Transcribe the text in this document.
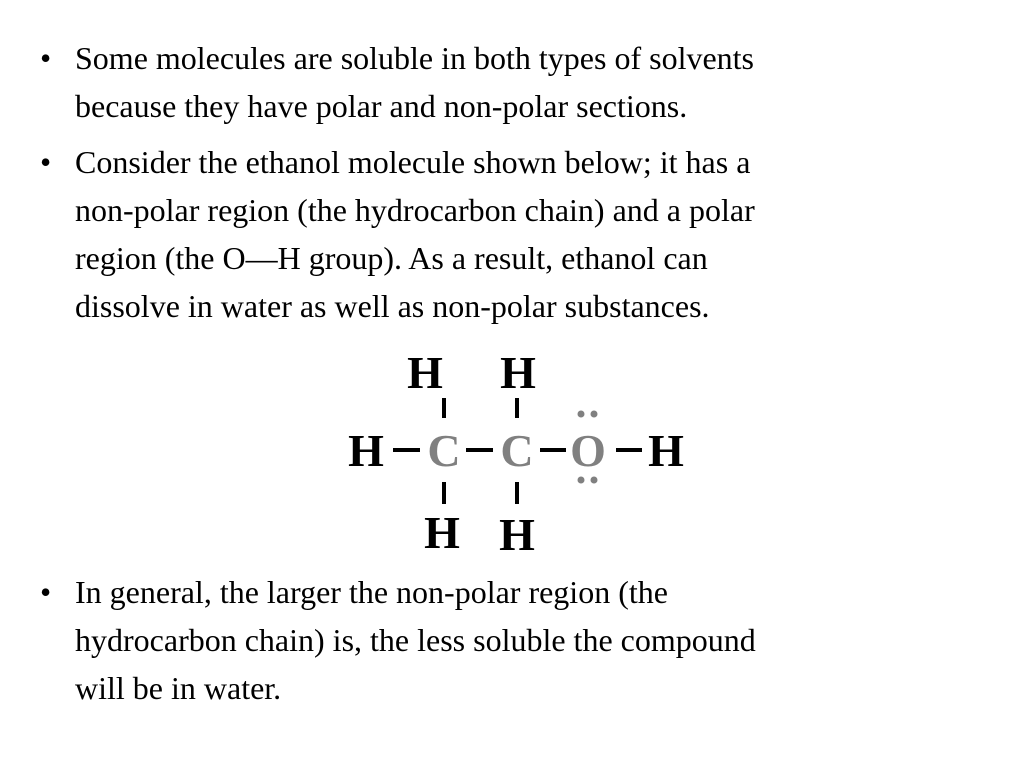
• Some molecules are soluble in both types of solvents
because they have polar and non-polar sections.
• Consider the ethanol molecule shown below; it has a
non-polar region (the hydrocarbon chain) and a polar
region (the O—H group). As a result, ethanol can
dissolve in water as well as non-polar substances.
H H
H C C O H
H H
• In general, the larger the non-polar region (the
hydrocarbon chain) is, the less soluble the compound
will be in water.
